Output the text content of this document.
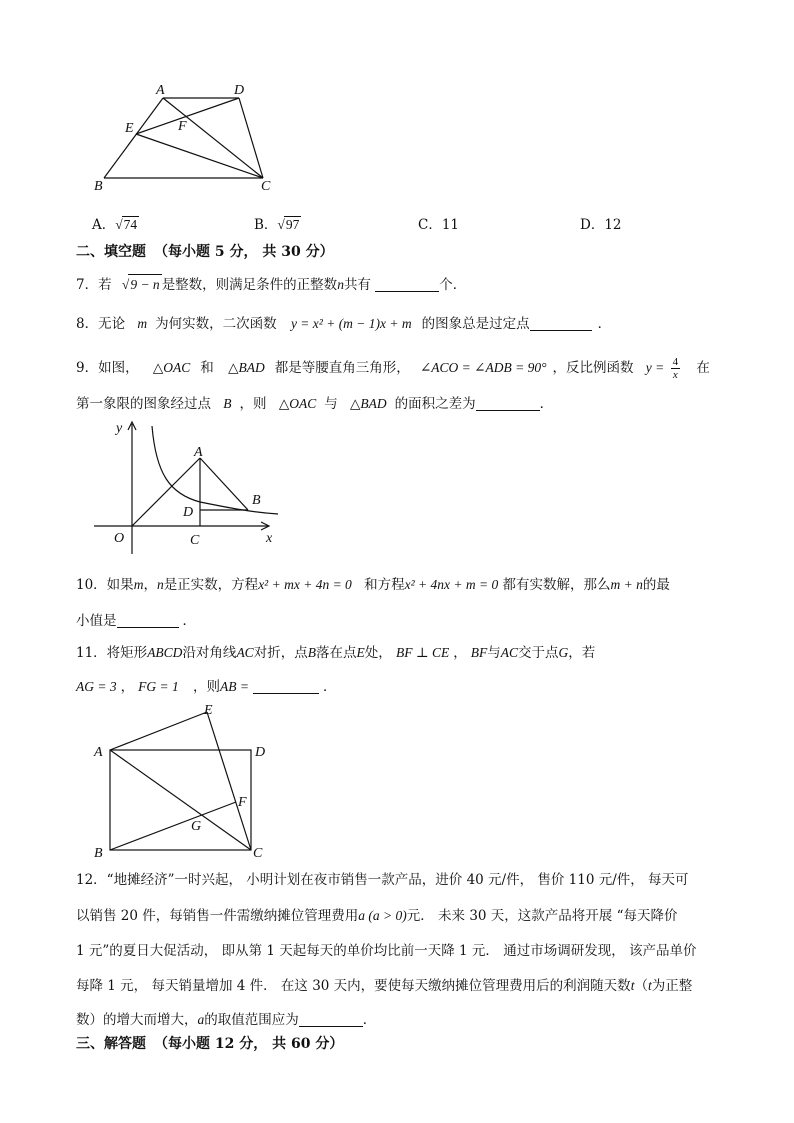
A	D
E	F
B	C
A．√74	B．√97	C．11	D．12
二、填空题 （每小题 5 分， 共 30 分）
7．若 √9 − n 是整数，则满足条件的正整数n共有	个．
8．无论 m 为何实数，二次函数 y = x² + (m − 1)x + m 的图象总是过定点	．
9．如图， △OAC 和 △BAD 都是等腰直角三角形， ∠ACO = ∠ADB = 90° ，反比例函数 $y = \frac{4}{x}$ 在
第一象限的图象经过点 B ，则 △OAC 与 △BAD 的面积之差为	．
y
A
B
D
O	C	x
10．如果m，n是正实数，方程x² + mx + 4n = 0 和方程x² + 4nx + m = 0 都有实数解，那么m + n的最
小值是	．
11．将矩形ABCD沿对角线AC对折，点B落在点E处， BF ⊥ CE ， BF与AC交于点G，若
AG = 3 ， FG = 1 ，则AB =	．
A	D
E
F
G
B	C
12．“地摊经济”一时兴起， 小明计划在夜市销售一款产品，进价 40 元/件， 售价 110 元/件， 每天可
以销售 20 件，每销售一件需缴纳摊位管理费用a (a > 0)元． 未来 30 天，这款产品将开展 “每天降价
1 元”的夏日大促活动， 即从第 1 天起每天的单价均比前一天降 1 元． 通过市场调研发现， 该产品单价
每降 1 元， 每天销量增加 4 件． 在这 30 天内，要使每天缴纳摊位管理费用后的利润随天数t（t为正整
数）的增大而增大，a的取值范围应为	．
三、解答题 （每小题 12 分， 共 60 分）
